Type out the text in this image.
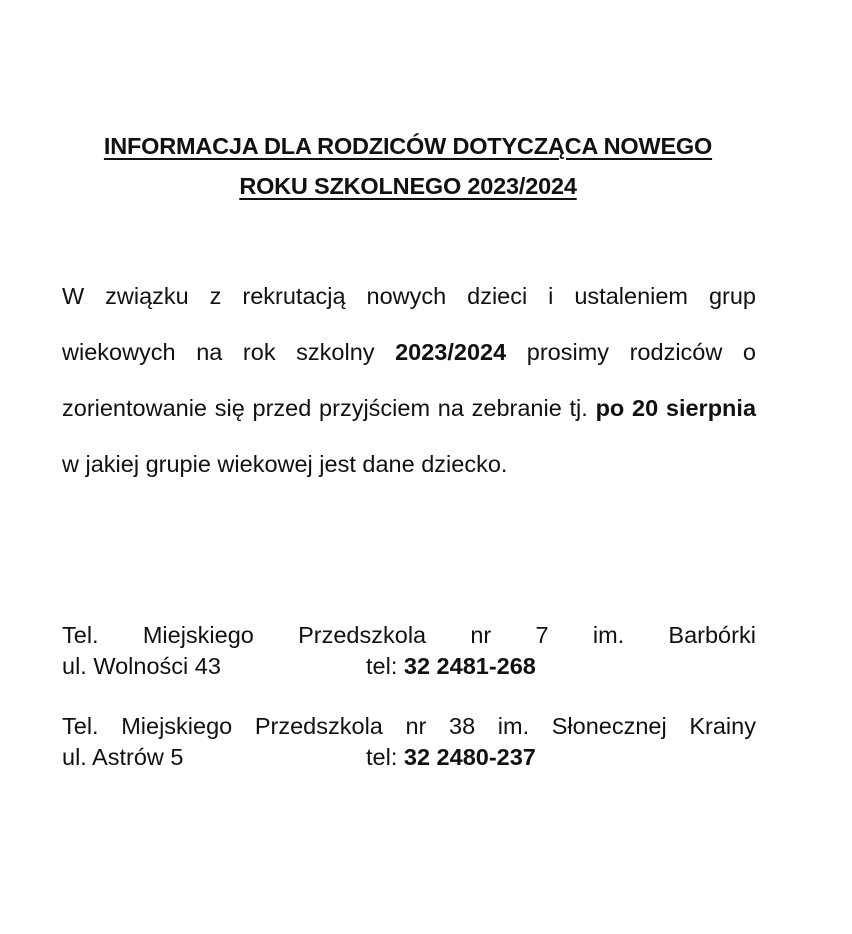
INFORMACJA DLA RODZICÓW DOTYCZĄCA NOWEGO
ROKU SZKOLNEGO 2023/2024
W związku z rekrutacją nowych dzieci i ustaleniem grup wiekowych na rok szkolny 2023/2024 prosimy rodziców o zorientowanie się przed przyjściem na zebranie tj. po 20 sierpnia w jakiej grupie wiekowej jest dane dziecko.
Tel. Miejskiego Przedszkola nr 7 im. Barbórki
ul. Wolności 43	tel: 32 2481-268
Tel. Miejskiego Przedszkola nr 38 im. Słonecznej Krainy
ul. Astrów 5	tel: 32 2480-237
